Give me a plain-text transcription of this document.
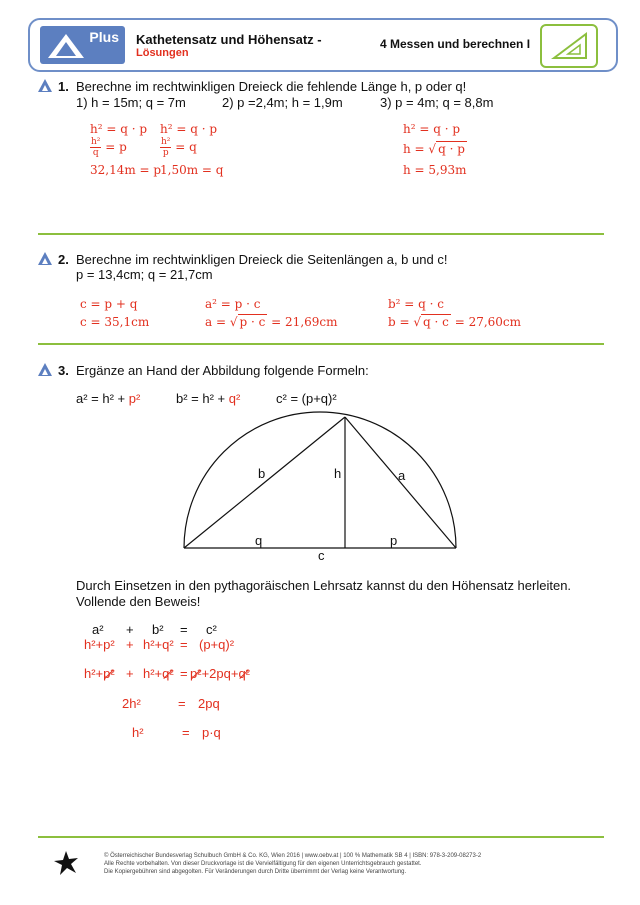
Plus Kathetensatz und Höhensatz -
Lösungen
4 Messen und berechnen I
1. Berechne im rechtwinkligen Dreieck die fehlende Länge h, p oder q!
1) h = 15m; q = 7m	2) p =2,4m; h = 1,9m	3) p = 4m; q = 8,8m
h² = q · p
$\frac{\text{h²}}{q} = p$
32,14m = p
h² = q · p
$\frac{\text{h²}}{p} = q$
1,50m = q
h² = q · p
h = √ q · p
h = 5,93m
2. Berechne im rechtwinkligen Dreieck die Seitenlängen a, b und c!
p = 13,4cm; q = 21,7cm
c = p + q
c = 35,1cm
a² = p · c
a = √ p · c = 21,69cm
b² = q · c
b = √ q · c = 27,60cm
3. Ergänze an Hand der Abbildung folgende Formeln:
a² = h² + p²	b² = h² + q²	c² = (p+q)²
b	h	a
q	p
c
Durch Einsetzen in den pythagoräischen Lehrsatz kannst du den Höhensatz herleiten.
Vollende den Beweis!
a² + b² = c²
h²+p² + h²+q² = (p+q)²
h²+p² + h²+q² = p²+2pq+q²
2h²	= 2pq
h²	= p·q
© Österreichischer Bundesverlag Schulbuch GmbH & Co. KG, Wien 2016 | www.oebv.at | 100 % Mathematik SB 4 | ISBN: 978-3-209-08273-2
Alle Rechte vorbehalten. Von dieser Druckvorlage ist die Vervielfältigung für den eigenen Unterrichtsgebrauch gestattet.
Die Kopiergebühren sind abgegolten. Für Veränderungen durch Dritte übernimmt der Verlag keine Verantwortung.
